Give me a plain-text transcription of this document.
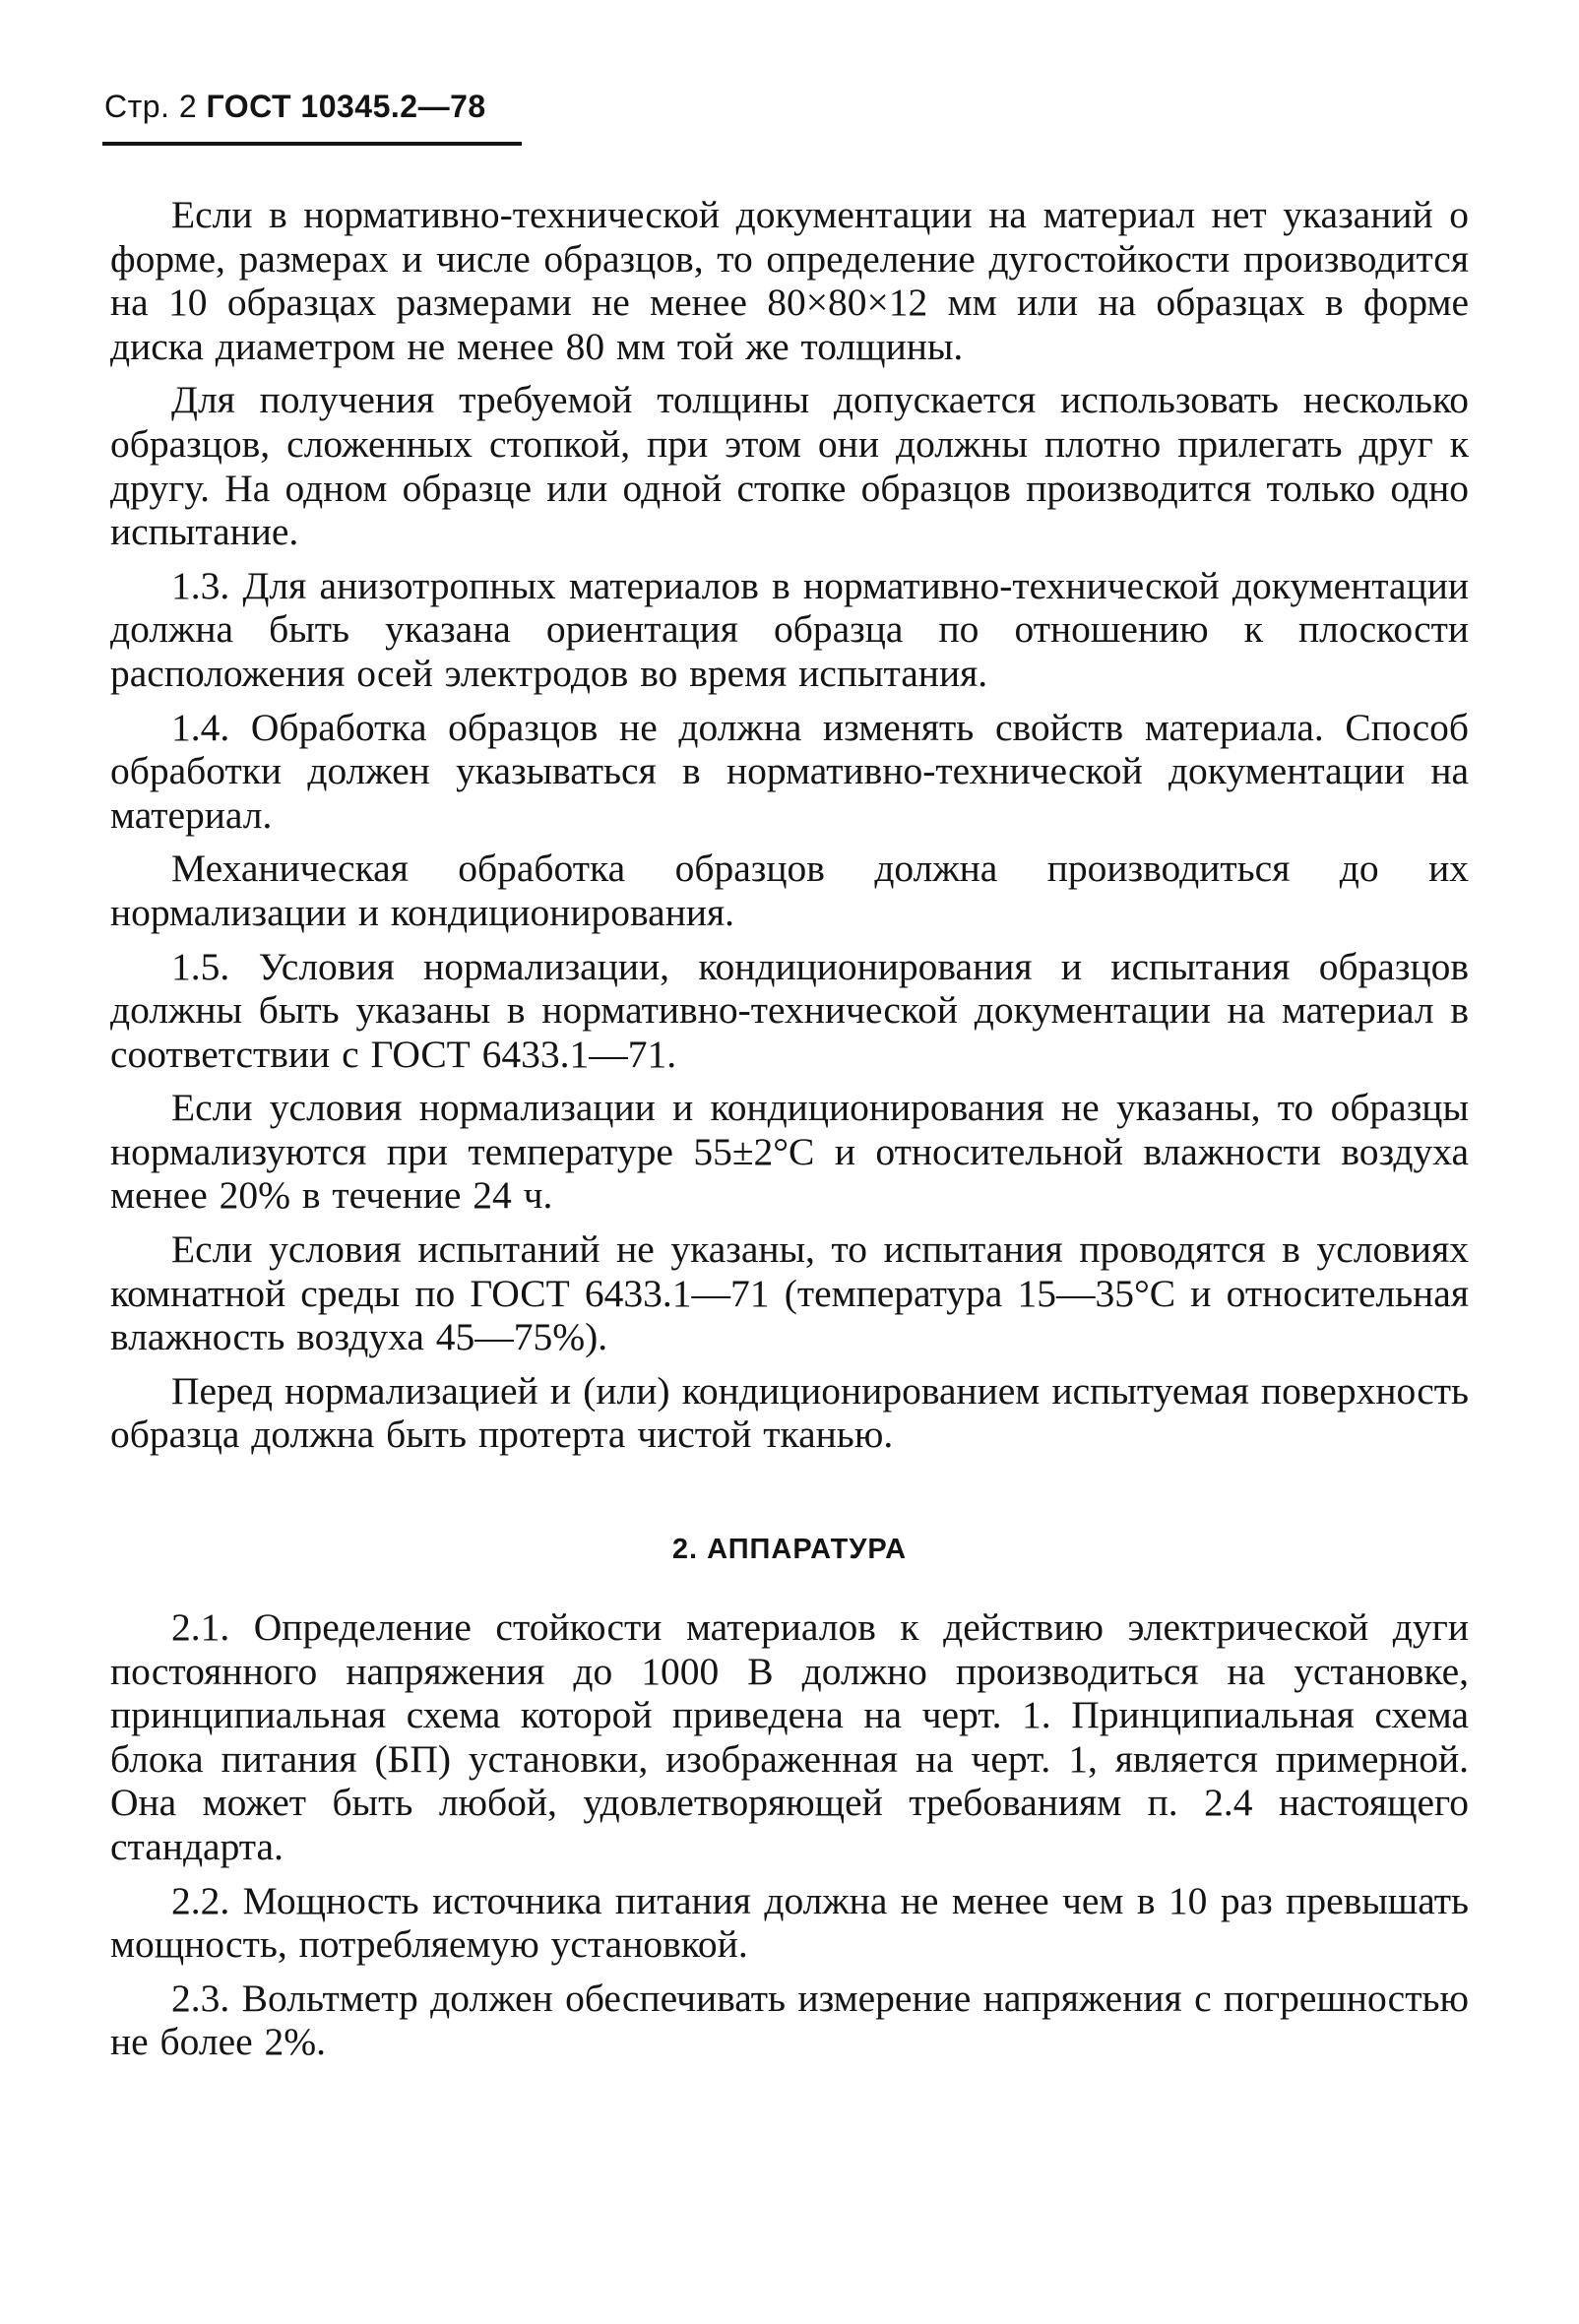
Стр. 2 ГОСТ 10345.2—78

Если в нормативно-технической документации на материал нет указаний о форме, размерах и числе образцов, то определение дугостойкости производится на 10 образцах размерами не менее 80×80×12 мм или на образцах в форме диска диаметром не менее 80 мм той же толщины.

Для получения требуемой толщины допускается использовать несколько образцов, сложенных стопкой, при этом они должны плотно прилегать друг к другу. На одном образце или одной стопке образцов производится только одно испытание.

1.3. Для анизотропных материалов в нормативно-технической документации должна быть указана ориентация образца по отношению к плоскости расположения осей электродов во время испытания.

1.4. Обработка образцов не должна изменять свойств материала. Способ обработки должен указываться в нормативно-технической документации на материал.

Механическая обработка образцов должна производиться до их нормализации и кондиционирования.

1.5. Условия нормализации, кондиционирования и испытания образцов должны быть указаны в нормативно-технической документации на материал в соответствии с ГОСТ 6433.1—71.

Если условия нормализации и кондиционирования не указаны, то образцы нормализуются при температуре 55±2°С и относительной влажности воздуха менее 20% в течение 24 ч.

Если условия испытаний не указаны, то испытания проводятся в условиях комнатной среды по ГОСТ 6433.1—71 (температура 15—35°С и относительная влажность воздуха 45—75%).

Перед нормализацией и (или) кондиционированием испытуемая поверхность образца должна быть протерта чистой тканью.

2. АППАРАТУРА

2.1. Определение стойкости материалов к действию электрической дуги постоянного напряжения до 1000 В должно производиться на установке, принципиальная схема которой приведена на черт. 1. Принципиальная схема блока питания (БП) установки, изображенная на черт. 1, является примерной. Она может быть любой, удовлетворяющей требованиям п. 2.4 настоящего стандарта.

2.2. Мощность источника питания должна не менее чем в 10 раз превышать мощность, потребляемую установкой.

2.3. Вольтметр должен обеспечивать измерение напряжения с погрешностью не более 2%.
